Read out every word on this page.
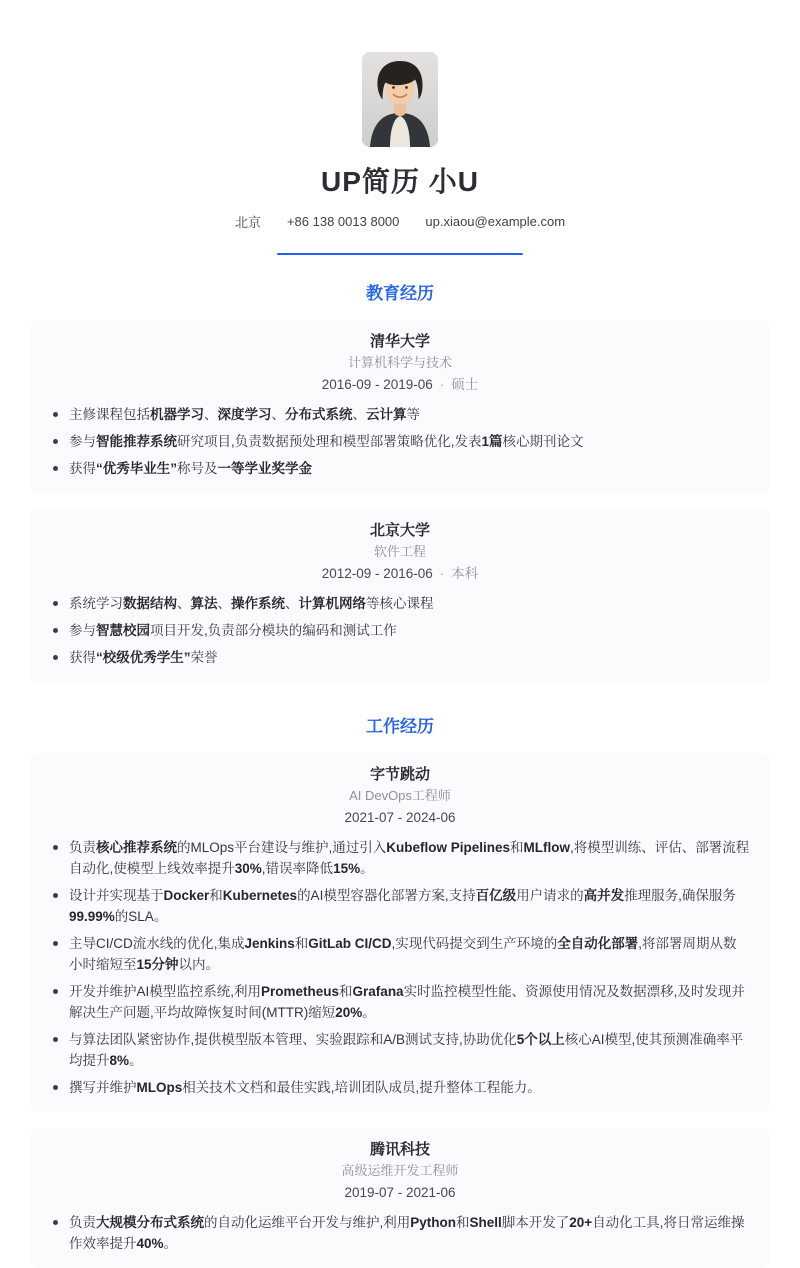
UP简历 小U
北京 +86 138 0013 8000 up.xiaou@example.com
教育经历
清华大学
计算机科学与技术
2016-09 - 2019-06 · 硕士
主修课程包括机器学习、深度学习、分布式系统、云计算等
参与智能推荐系统研究项目,负责数据预处理和模型部署策略优化,发表1篇核心期刊论文
获得“优秀毕业生”称号及一等学业奖学金
北京大学
软件工程
2012-09 - 2016-06 · 本科
系统学习数据结构、算法、操作系统、计算机网络等核心课程
参与智慧校园项目开发,负责部分模块的编码和测试工作
获得“校级优秀学生”荣誉
工作经历
字节跳动
AI DevOps工程师
2021-07 - 2024-06
负责核心推荐系统的MLOps平台建设与维护,通过引入Kubeflow Pipelines和MLflow,将模型训练、评估、部署流程自动化,使模型上线效率提升30%,错误率降低15%。
设计并实现基于Docker和Kubernetes的AI模型容器化部署方案,支持百亿级用户请求的高并发推理服务,确保服务99.99%的SLA。
主导CI/CD流水线的优化,集成Jenkins和GitLab CI/CD,实现代码提交到生产环境的全自动化部署,将部署周期从数小时缩短至15分钟以内。
开发并维护AI模型监控系统,利用Prometheus和Grafana实时监控模型性能、资源使用情况及数据漂移,及时发现并解决生产问题,平均故障恢复时间(MTTR)缩短20%。
与算法团队紧密协作,提供模型版本管理、实验跟踪和A/B测试支持,协助优化5个以上核心AI模型,使其预测准确率平均提升8%。
撰写并维护MLOps相关技术文档和最佳实践,培训团队成员,提升整体工程能力。
腾讯科技
高级运维开发工程师
2019-07 - 2021-06
负责大规模分布式系统的自动化运维平台开发与维护,利用Python和Shell脚本开发了20+自动化工具,将日常运维操作效率提升40%。
